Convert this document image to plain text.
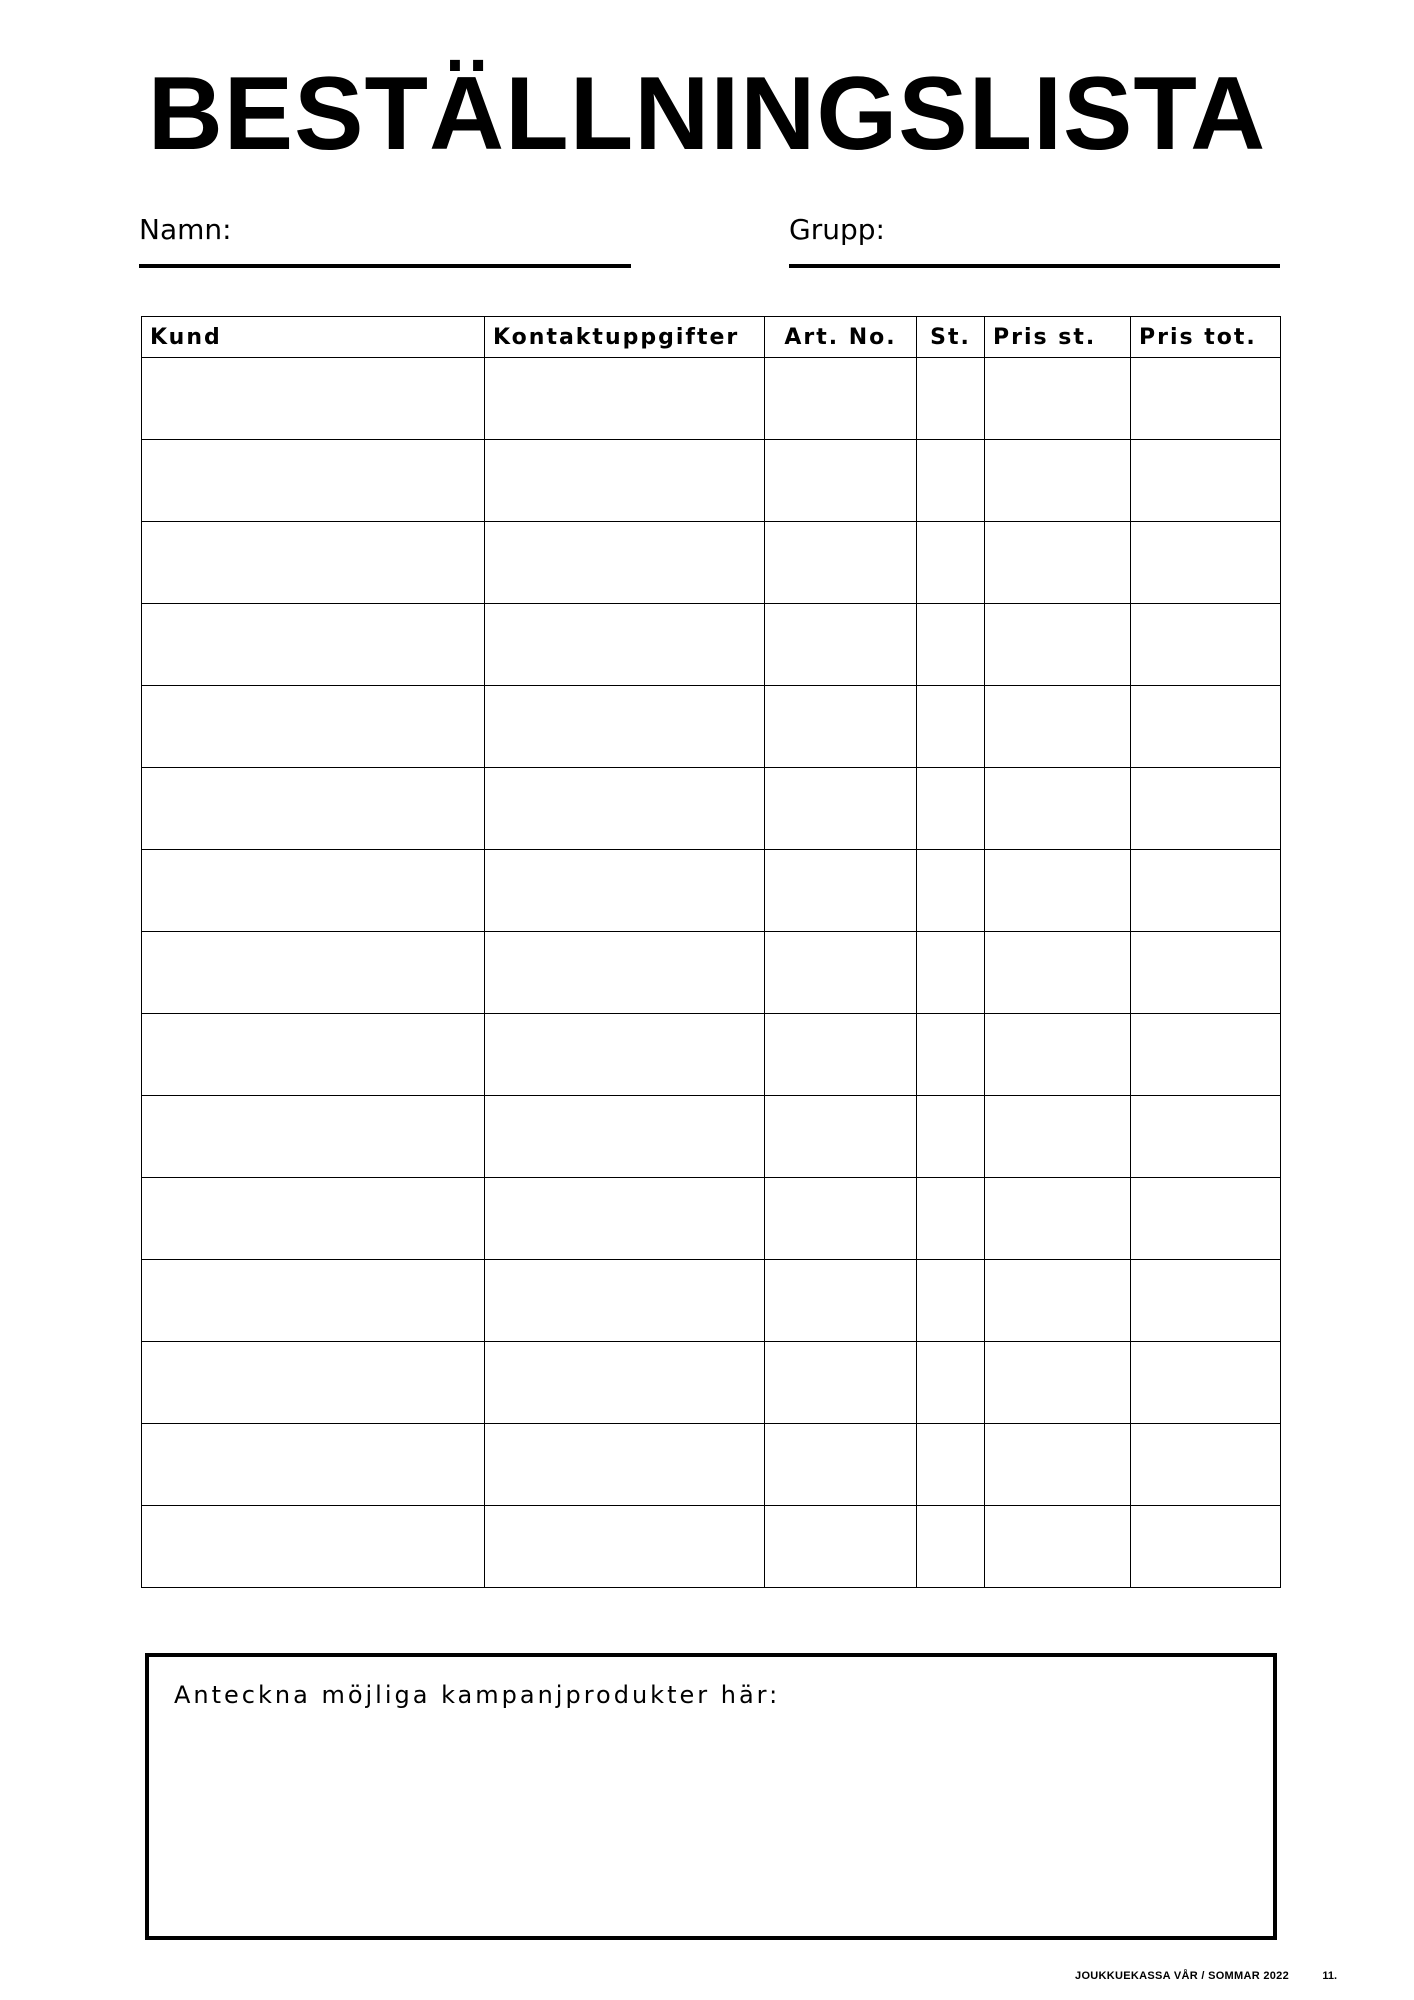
BESTÄLLNINGSLISTA
Namn:	Grupp:
Kund	Kontaktuppgifter	Art. No.	St.	Pris st.	Pris tot.

Anteckna möjliga kampanjprodukter här:

JOUKKUEKASSA VÅR / SOMMAR 2022	11.
